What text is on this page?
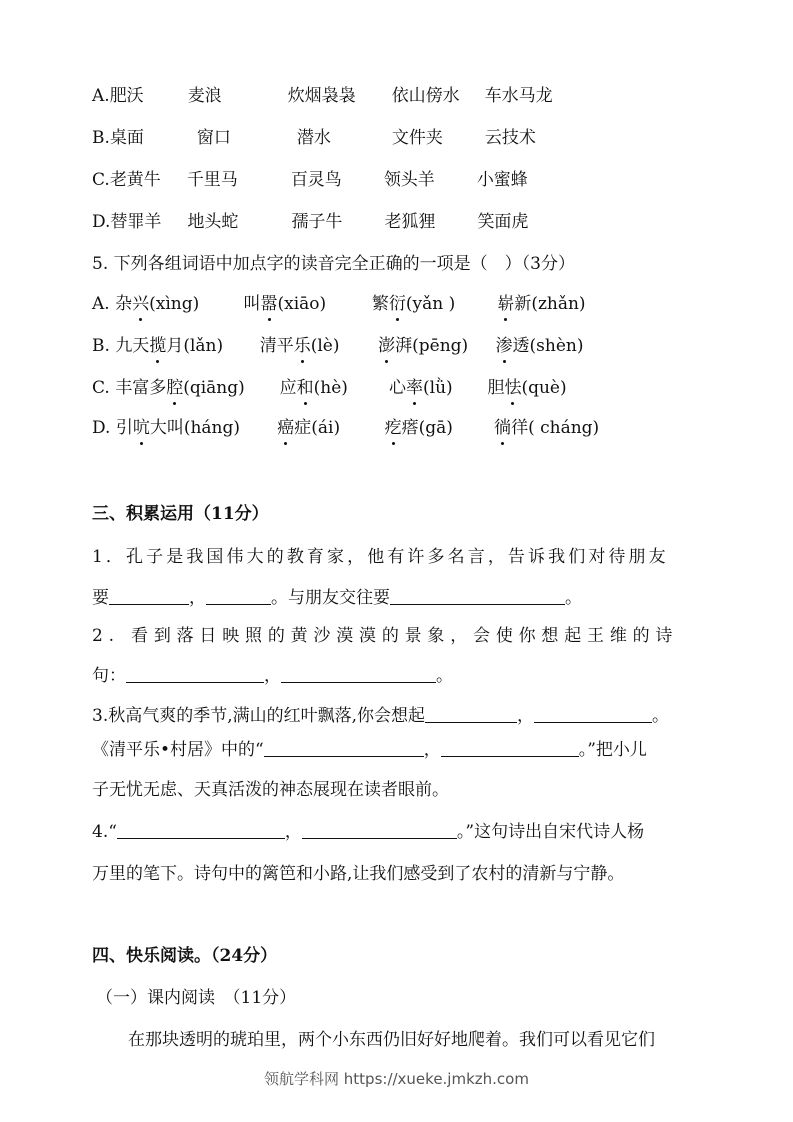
A.肥沃	麦浪	炊烟袅袅 依山傍水 车水马龙
B.桌面	窗口	潜水	文件夹 云技术
C.老黄牛 千里马	百灵鸟 领头羊 小蜜蜂
D.替罪羊 地头蛇	孺子牛 老狐狸 笑面虎
5. 下列各组词语中加点字的读音完全正确的一项是（　）（3分）
A. 杂兴(xìng)	叫嚣(xiāo)	繁衍(yǎn ) 崭新(zhǎn)
B. 九天揽月(lǎn) 清平乐(lè) 澎湃(pēng) 渗透(shèn)
C. 丰富多腔(qiāng) 应和(hè) 心率(lǜ) 胆怯(què)
D. 引吭大叫(háng) 癌症(ái)	疙瘩(gā) 徜徉( cháng)
三、积累运用（11分）
1．孔子是我国伟大的教育家，他有许多名言，告诉我们对待朋友
要	，	。与朋友交往要	。
2. 看到落日映照的黄沙漠漠的景象，会使你想起王维的诗
句：	，	。
3.秋高气爽的季节,满山的红叶飘落,你会想起	，	。
《清平乐•村居》中的“	，	。”把小儿
子无忧无虑、天真活泼的神态展现在读者眼前。
4.“	，	。”这句诗出自宋代诗人杨
万里的笔下。诗句中的篱笆和小路,让我们感受到了农村的清新与宁静。
四、快乐阅读。（24分）
（一）课内阅读　（11分）
在那块透明的琥珀里，两个小东西仍旧好好地爬着。我们可以看见它们
领航学科网 https://xueke.jmkzh.com
